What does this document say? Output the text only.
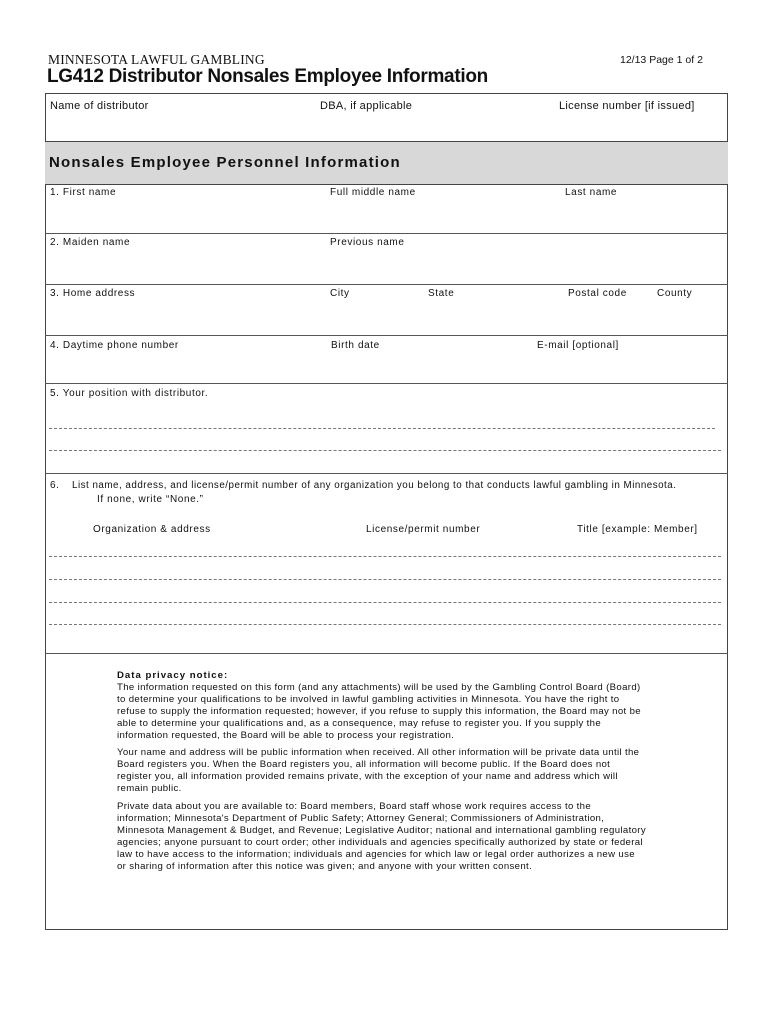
MINNESOTA LAWFUL GAMBLING	12/13 Page 1 of 2
LG412 Distributor Nonsales Employee Information
Name of distributor	DBA, if applicable	License number [if issued]
Nonsales Employee Personnel Information
1. First name	Full middle name	Last name
2. Maiden name	Previous name
3. Home address	City	State	Postal code	County
4. Daytime phone number	Birth date	E-mail [optional]
5. Your position with distributor.
6. List name, address, and license/permit number of any organization you belong to that conducts lawful gambling in Minnesota.
If none, write “None.”
Organization & address	License/permit number	Title [example: Member]

Data privacy notice:

The information requested on this form (and any attachments) will be used by the Gambling Control Board (Board) to determine your qualifications to be involved in lawful gambling activities in Minnesota. You have the right to refuse to supply the information requested; however, if you refuse to supply this information, the Board may not be able to determine your qualifications and, as a consequence, may refuse to register you. If you supply the information requested, the Board will be able to process your registration.

Your name and address will be public information when received. All other information will be private data until the Board registers you. When the Board registers you, all information will become public. If the Board does not register you, all information provided remains private, with the exception of your name and address which will remain public.

Private data about you are available to: Board members, Board staff whose work requires access to the information; Minnesota's Department of Public Safety; Attorney General; Commissioners of Administration, Minnesota Management & Budget, and Revenue; Legislative Auditor; national and international gambling regulatory agencies; anyone pursuant to court order; other individuals and agencies specifically authorized by state or federal law to have access to the information; individuals and agencies for which law or legal order authorizes a new use or sharing of information after this notice was given; and anyone with your written consent.
